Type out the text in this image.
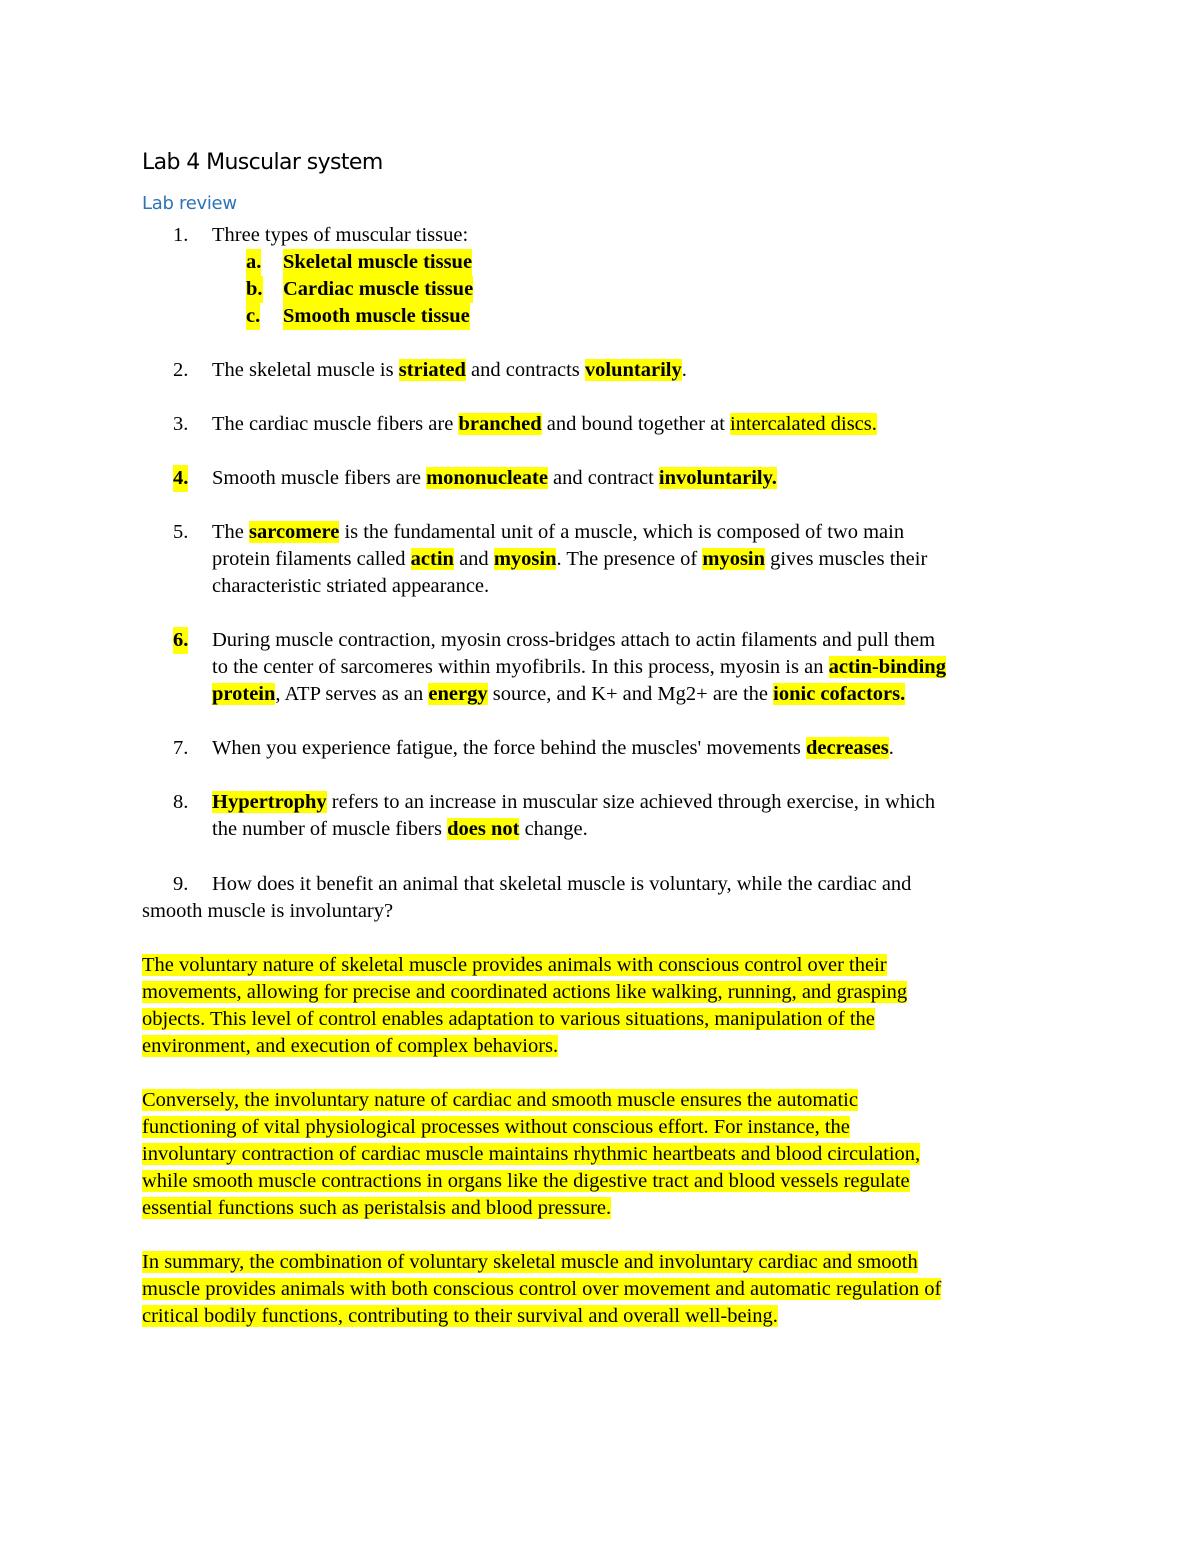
Lab 4 Muscular system
Lab review
1. Three types of muscular tissue:
a. Skeletal muscle tissue
b. Cardiac muscle tissue
c. Smooth muscle tissue
2. The skeletal muscle is striated and contracts voluntarily.
3. The cardiac muscle fibers are branched and bound together at intercalated discs.
4. Smooth muscle fibers are mononucleate and contract involuntarily.
5. The sarcomere is the fundamental unit of a muscle, which is composed of two main
protein filaments called actin and myosin. The presence of myosin gives muscles their
characteristic striated appearance.
6. During muscle contraction, myosin cross-bridges attach to actin filaments and pull them
to the center of sarcomeres within myofibrils. In this process, myosin is an actin-binding
protein, ATP serves as an energy source, and K+ and Mg2+ are the ionic cofactors.
7. When you experience fatigue, the force behind the muscles' movements decreases.
8. Hypertrophy refers to an increase in muscular size achieved through exercise, in which
the number of muscle fibers does not change.
9. How does it benefit an animal that skeletal muscle is voluntary, while the cardiac and
smooth muscle is involuntary?
The voluntary nature of skeletal muscle provides animals with conscious control over their
movements, allowing for precise and coordinated actions like walking, running, and grasping
objects. This level of control enables adaptation to various situations, manipulation of the
environment, and execution of complex behaviors.
Conversely, the involuntary nature of cardiac and smooth muscle ensures the automatic
functioning of vital physiological processes without conscious effort. For instance, the
involuntary contraction of cardiac muscle maintains rhythmic heartbeats and blood circulation,
while smooth muscle contractions in organs like the digestive tract and blood vessels regulate
essential functions such as peristalsis and blood pressure.
In summary, the combination of voluntary skeletal muscle and involuntary cardiac and smooth
muscle provides animals with both conscious control over movement and automatic regulation of
critical bodily functions, contributing to their survival and overall well-being.
